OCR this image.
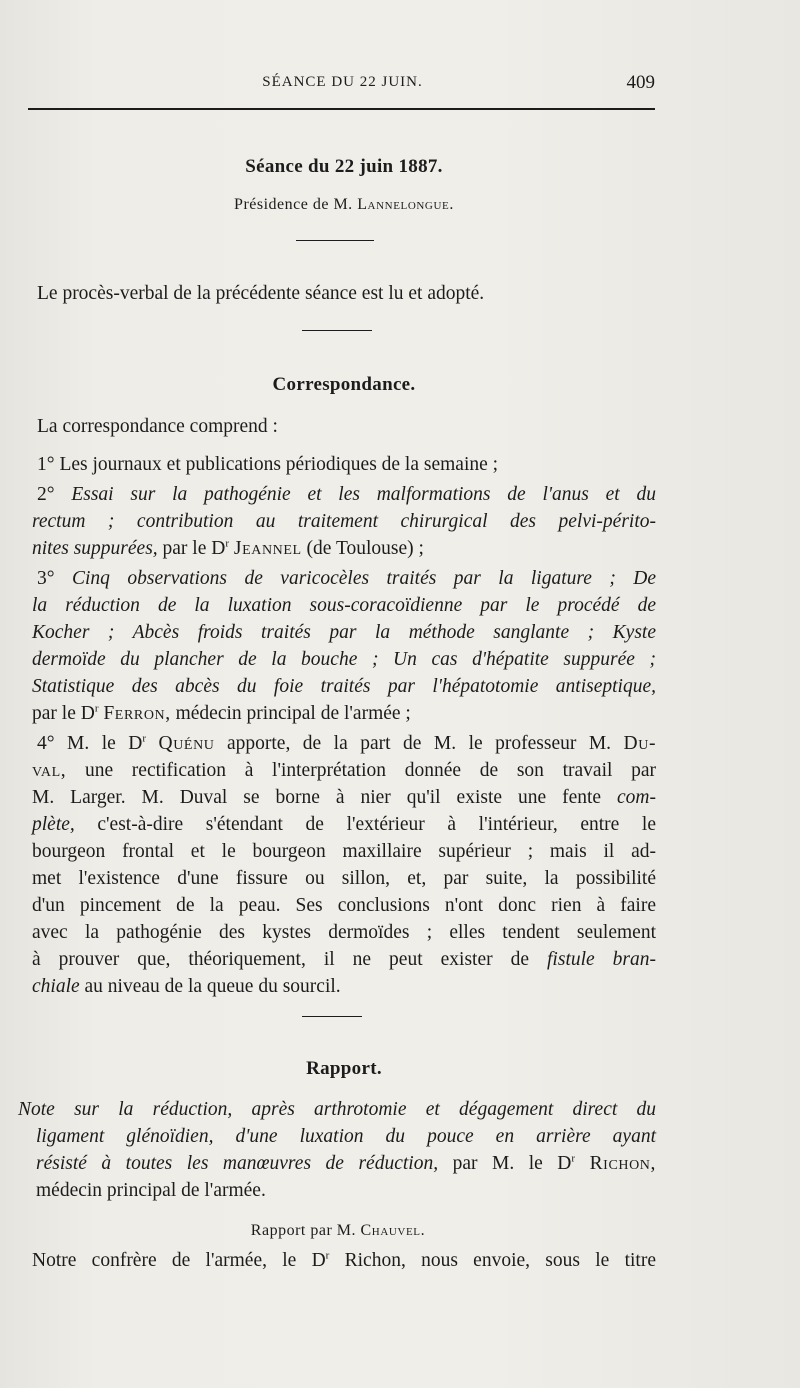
SÉANCE DU 22 JUIN.	409
Séance du 22 juin 1887.
Présidence de M. Lannelongue.
Le procès-verbal de la précédente séance est lu et adopté.
Correspondance.
La correspondance comprend :
1° Les journaux et publications périodiques de la semaine ;
2° Essai sur la pathogénie et les malformations de l'anus et du
rectum ; contribution au traitement chirurgical des pelvi-périto-
nites suppurées, par le $D^r$ Jeannel (de Toulouse) ;
3° Cinq observations de varicocèles traités par la ligature ; De
la réduction de la luxation sous-coracoïdienne par le procédé de
Kocher ; Abcès froids traités par la méthode sanglante ; Kyste
dermoïde du plancher de la bouche ; Un cas d'hépatite suppurée ;
Statistique des abcès du foie traités par l'hépatotomie antiseptique,
par le $D^r$ Ferron, médecin principal de l'armée ;
4° M. le $D^r$ Quénu apporte, de la part de M. le professeur M. Du-
val, une rectification à l'interprétation donnée de son travail par
M. Larger. M. Duval se borne à nier qu'il existe une fente com-
plète, c'est-à-dire s'étendant de l'extérieur à l'intérieur, entre le
bourgeon frontal et le bourgeon maxillaire supérieur ; mais il ad-
met l'existence d'une fissure ou sillon, et, par suite, la possibilité
d'un pincement de la peau. Ses conclusions n'ont donc rien à faire
avec la pathogénie des kystes dermoïdes ; elles tendent seulement
à prouver que, théoriquement, il ne peut exister de fistule bran-
chiale au niveau de la queue du sourcil.
Rapport.
Note sur la réduction, après arthrotomie et dégagement direct du
ligament glénoïdien, d'une luxation du pouce en arrière ayant
résisté à toutes les manœuvres de réduction, par M. le $D^r$ Richon,
médecin principal de l'armée.
Rapport par M. Chauvel.
Notre confrère de l'armée, le $D^r$ Richon, nous envoie, sous le titre
